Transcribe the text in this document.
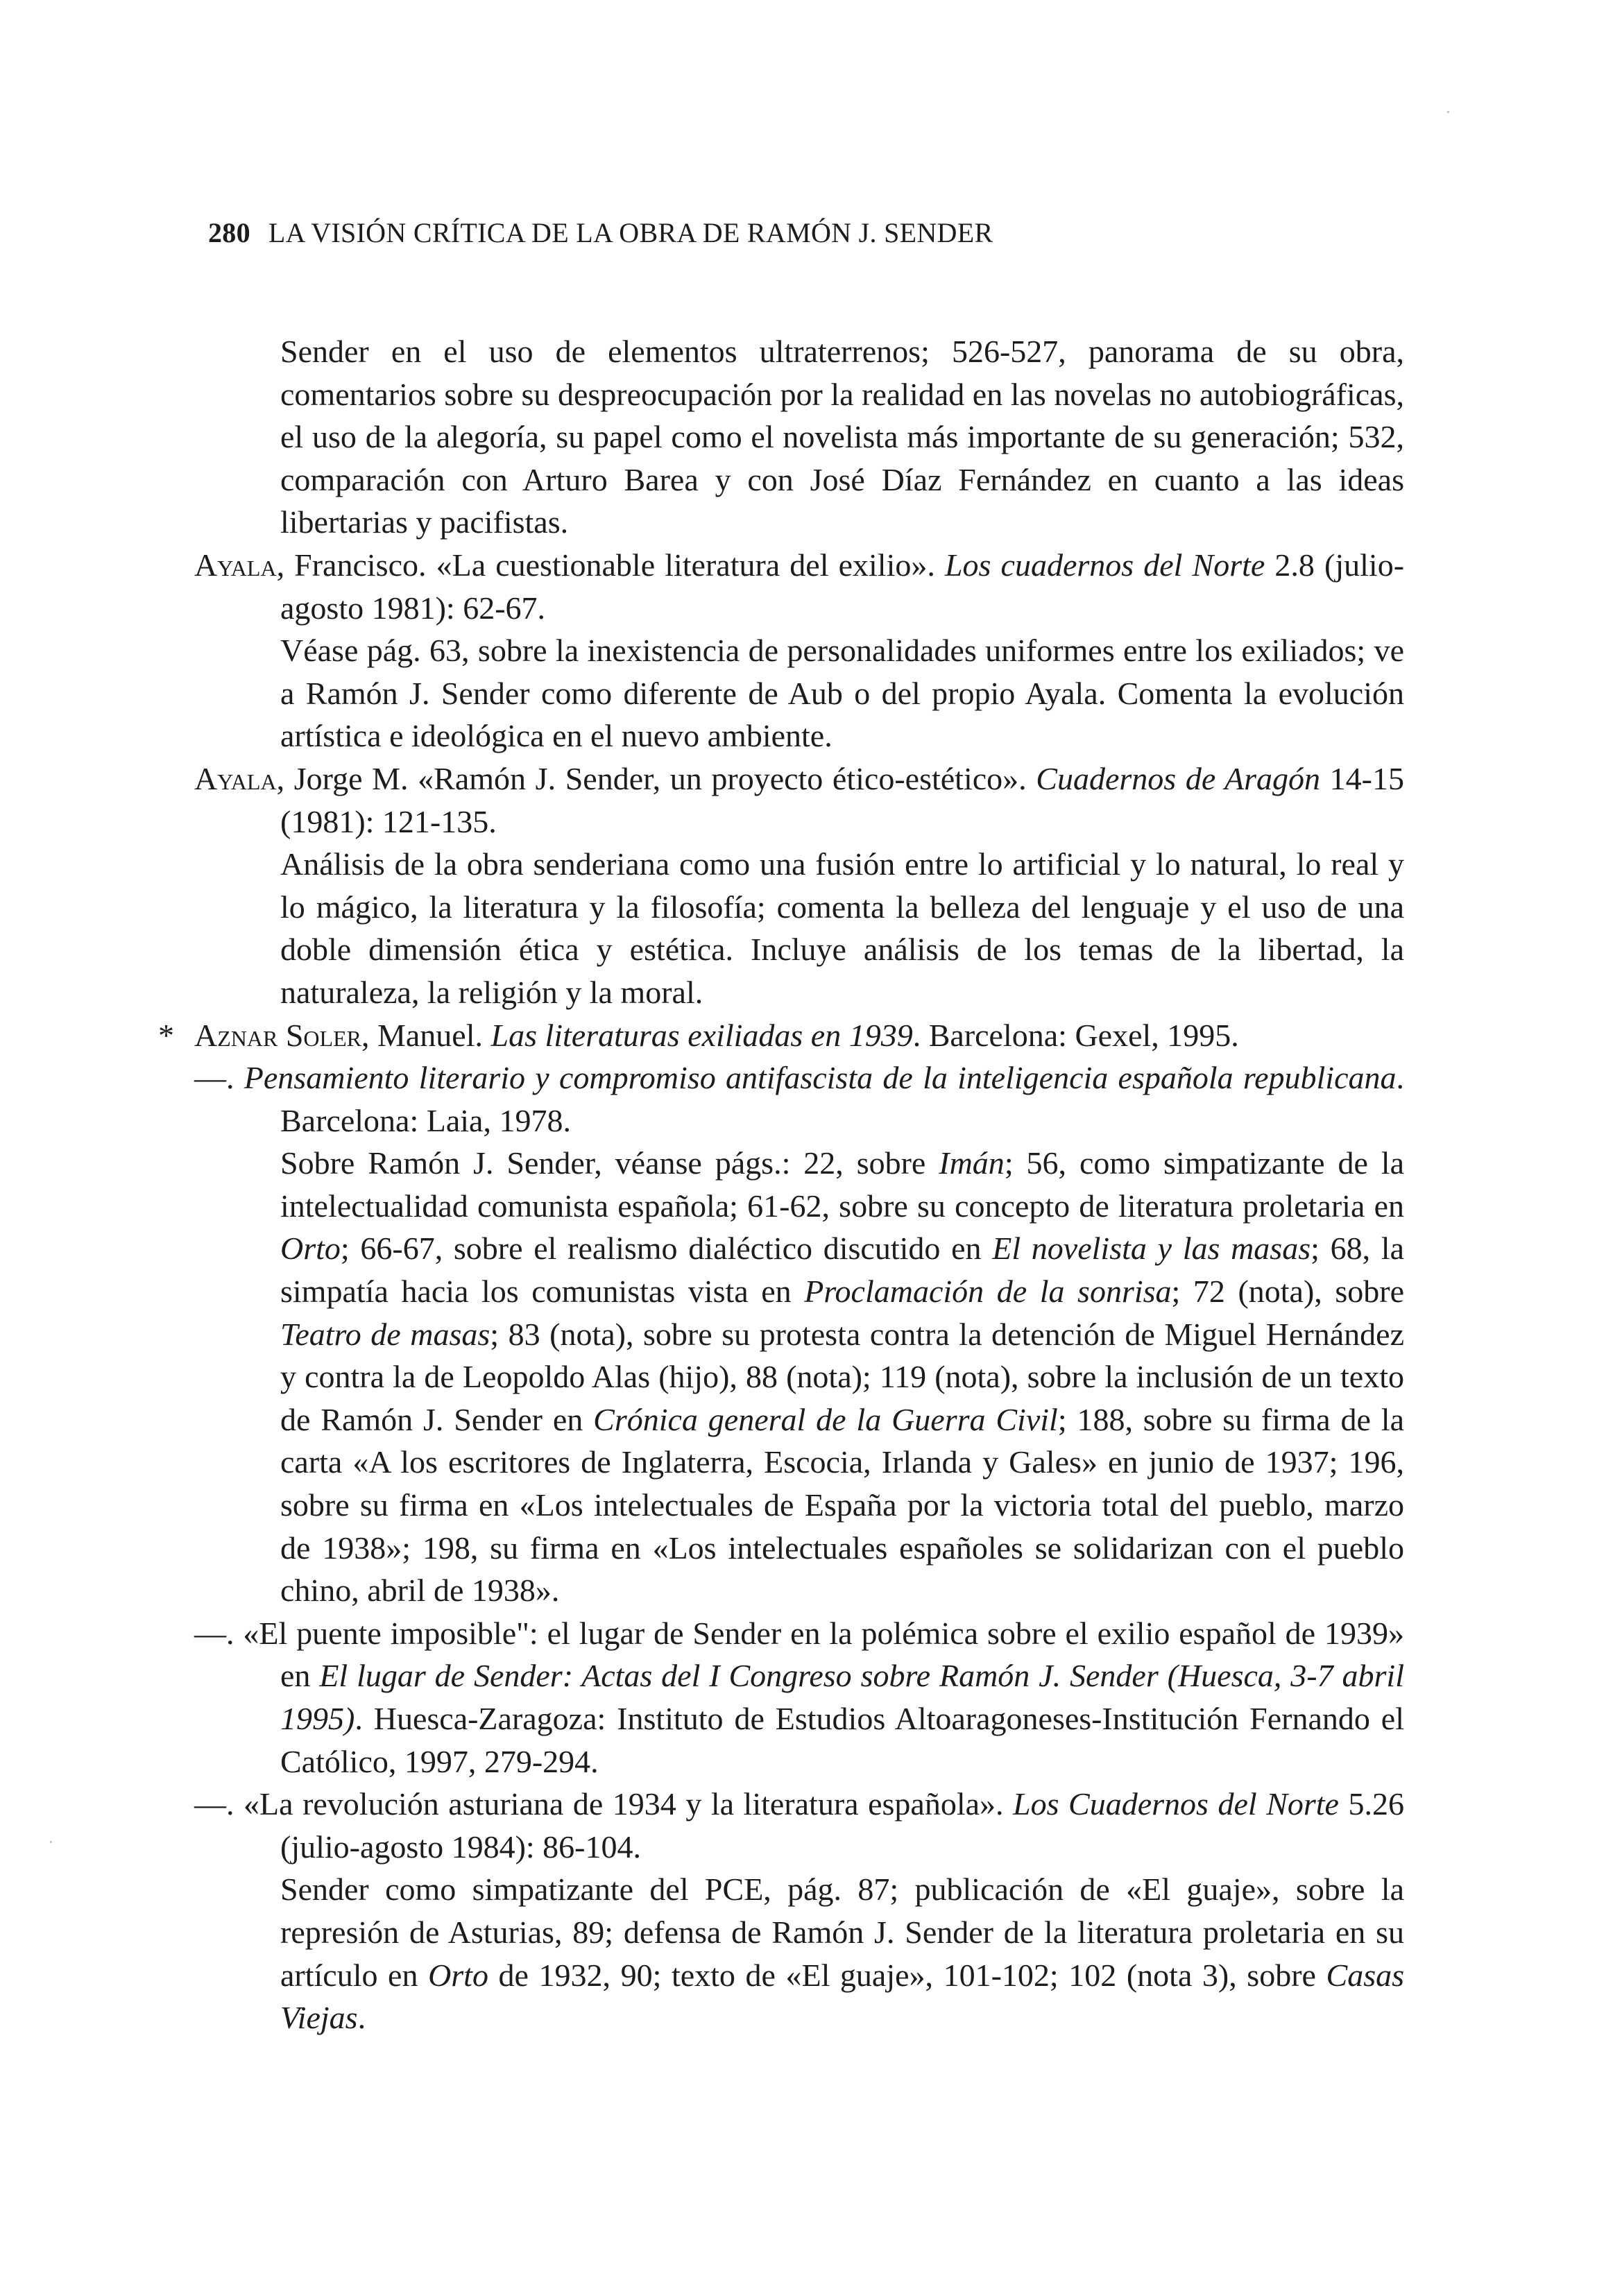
280 LA VISIÓN CRÍTICA DE LA OBRA DE RAMÓN J. SENDER

Sender en el uso de elementos ultraterrenos; 526-527, panorama de su obra, comentarios sobre su despreocupación por la realidad en las novelas no autobiográficas, el uso de la alegoría, su papel como el novelista más importante de su generación; 532, comparación con Arturo Barea y con José Díaz Fernández en cuanto a las ideas libertarias y pacifistas.

Ayala, Francisco. «La cuestionable literatura del exilio». Los cuadernos del Norte 2.8 (julio-agosto 1981): 62-67.

Véase pág. 63, sobre la inexistencia de personalidades uniformes entre los exiliados; ve a Ramón J. Sender como diferente de Aub o del propio Ayala. Comenta la evolución artística e ideológica en el nuevo ambiente.

Ayala, Jorge M. «Ramón J. Sender, un proyecto ético-estético». Cuadernos de Aragón 14-15 (1981): 121-135.

Análisis de la obra senderiana como una fusión entre lo artificial y lo natural, lo real y lo mágico, la literatura y la filosofía; comenta la belleza del lenguaje y el uso de una doble dimensión ética y estética. Incluye análisis de los temas de la libertad, la naturaleza, la religión y la moral.

* Aznar Soler, Manuel. Las literaturas exiliadas en 1939. Barcelona: Gexel, 1995.

—. Pensamiento literario y compromiso antifascista de la inteligencia española republicana. Barcelona: Laia, 1978.

Sobre Ramón J. Sender, véanse págs.: 22, sobre Imán; 56, como simpatizante de la intelectualidad comunista española; 61-62, sobre su concepto de literatura proletaria en Orto; 66-67, sobre el realismo dialéctico discutido en El novelista y las masas; 68, la simpatía hacia los comunistas vista en Proclamación de la sonrisa; 72 (nota), sobre Teatro de masas; 83 (nota), sobre su protesta contra la detención de Miguel Hernández y contra la de Leopoldo Alas (hijo), 88 (nota); 119 (nota), sobre la inclusión de un texto de Ramón J. Sender en Crónica general de la Guerra Civil; 188, sobre su firma de la carta «A los escritores de Inglaterra, Escocia, Irlanda y Gales» en junio de 1937; 196, sobre su firma en «Los intelectuales de España por la victoria total del pueblo, marzo de 1938»; 198, su firma en «Los intelectuales españoles se solidarizan con el pueblo chino, abril de 1938».

—. «El puente imposible": el lugar de Sender en la polémica sobre el exilio español de 1939» en El lugar de Sender: Actas del I Congreso sobre Ramón J. Sender (Huesca, 3-7 abril 1995). Huesca-Zaragoza: Instituto de Estudios Altoaragoneses-Institución Fernando el Católico, 1997, 279-294.

—. «La revolución asturiana de 1934 y la literatura española». Los Cuadernos del Norte 5.26 (julio-agosto 1984): 86-104.

Sender como simpatizante del PCE, pág. 87; publicación de «El guaje», sobre la represión de Asturias, 89; defensa de Ramón J. Sender de la literatura proletaria en su artículo en Orto de 1932, 90; texto de «El guaje», 101-102; 102 (nota 3), sobre Casas Viejas.
